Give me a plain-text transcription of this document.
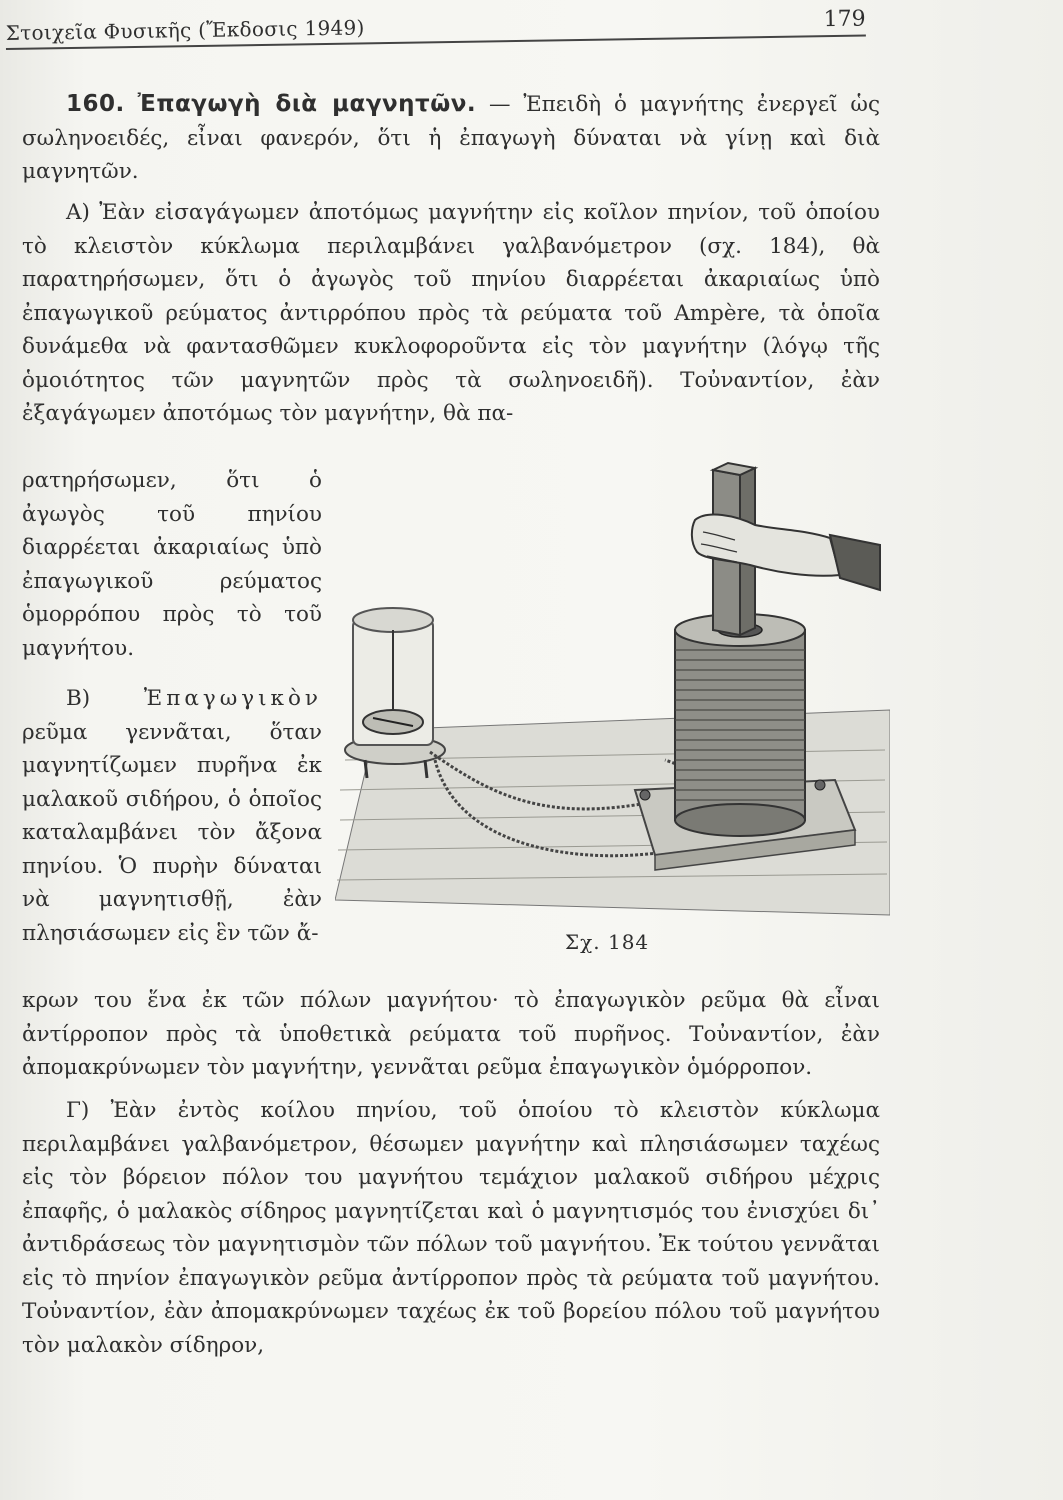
Στοιχεῖα Φυσικῆς (Ἔκδοσις 1949)	179

160. Ἐπαγωγὴ διὰ μαγνητῶν. — Ἐπειδὴ ὁ μαγνήτης ἐνεργεῖ ὡς σωληνοειδές, εἶναι φανερόν, ὅτι ἡ ἐπαγωγὴ δύναται νὰ γίνῃ καὶ διὰ μαγνητῶν.

Α) Ἐὰν εἰσαγάγωμεν ἀποτόμως μαγνήτην εἰς κοῖλον πηνίον, τοῦ ὁποίου τὸ κλειστὸν κύκλωμα περιλαμβάνει γαλβανόμετρον (σχ. 184), θὰ παρατηρήσωμεν, ὅτι ὁ ἀγωγὸς τοῦ πηνίου διαρρέεται ἀκαριαίως ὑπὸ ἐπαγωγικοῦ ρεύματος ἀντιρρόπου πρὸς τὰ ρεύματα τοῦ Ampère, τὰ ὁποῖα δυνάμεθα νὰ φαντασθῶμεν κυκλοφοροῦντα εἰς τὸν μαγνήτην (λόγῳ τῆς ὁμοιότητος τῶν μαγνητῶν πρὸς τὰ σωληνοειδῆ). Τοὐναντίον, ἐὰν ἐξαγάγωμεν ἀποτόμως τὸν μαγνήτην, θὰ πα-

ρατηρήσωμεν, ὅτι ὁ ἀγωγὸς τοῦ πηνίου διαρρέεται ἀκαριαίως ὑπὸ ἐπαγωγικοῦ ρεύματος ὁμορρόπου πρὸς τὸ τοῦ μαγνήτου.

Β) Ἐπαγωγικὸν ρεῦμα γεννᾶται, ὅταν μαγνητίζωμεν πυρῆνα ἐκ μαλακοῦ σιδήρου, ὁ ὁποῖος καταλαμβάνει τὸν ἄξονα πηνίου. Ὁ πυρὴν δύναται νὰ μαγνητισθῇ, ἐὰν πλησιάσωμεν εἰς ἓν τῶν ἄ-

κρων του ἕνα ἐκ τῶν πόλων μαγνήτου· τὸ ἐπαγωγικὸν ρεῦμα θὰ εἶναι ἀντίρροπον πρὸς τὰ ὑποθετικὰ ρεύματα τοῦ πυρῆνος. Τοὐναντίον, ἐὰν ἀπομακρύνωμεν τὸν μαγνήτην, γεννᾶται ρεῦμα ἐπαγωγικὸν ὁμόρροπον.

Γ) Ἐὰν ἐντὸς κοίλου πηνίου, τοῦ ὁποίου τὸ κλειστὸν κύκλωμα περιλαμβάνει γαλβανόμετρον, θέσωμεν μαγνήτην καὶ πλησιάσωμεν ταχέως εἰς τὸν βόρειον πόλον του μαγνήτου τεμάχιον μαλακοῦ σιδήρου μέχρις ἐπαφῆς, ὁ μαλακὸς σίδηρος μαγνητίζεται καὶ ὁ μαγνητισμός του ἐνισχύει δι᾽ ἀντιδράσεως τὸν μαγνητισμὸν τῶν πόλων τοῦ μαγνήτου. Ἐκ τούτου γεννᾶται εἰς τὸ πηνίον ἐπαγωγικὸν ρεῦμα ἀντίρροπον πρὸς τὰ ρεύματα τοῦ μαγνήτου. Τοὐναντίον, ἐὰν ἀπομακρύνωμεν ταχέως ἐκ τοῦ βορείου πόλου τοῦ μαγνήτου τὸν μαλακὸν σίδηρον,

Σχ. 184
